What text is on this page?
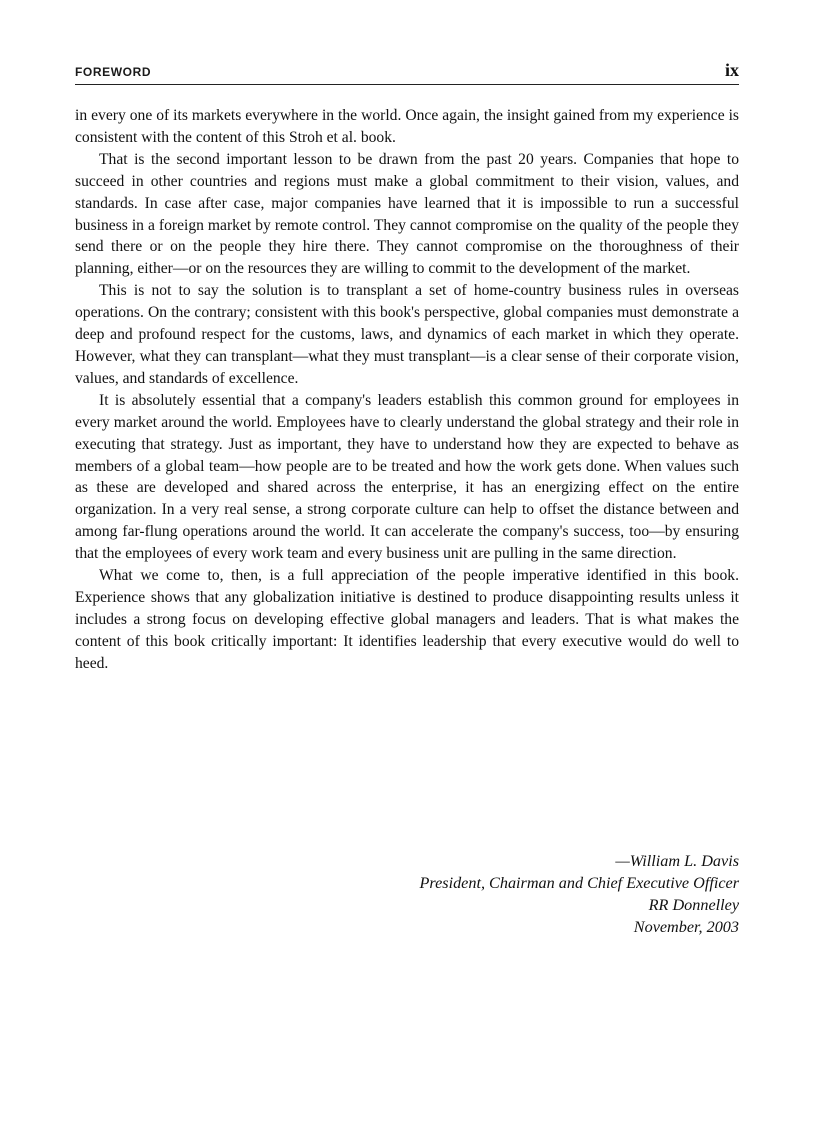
FOREWORD	ix

in every one of its markets everywhere in the world. Once again, the insight gained from my experience is consistent with the content of this Stroh et al. book.

That is the second important lesson to be drawn from the past 20 years. Companies that hope to succeed in other countries and regions must make a global commitment to their vision, values, and standards. In case after case, major companies have learned that it is impossible to run a successful business in a foreign market by remote control. They cannot compromise on the quality of the people they send there or on the people they hire there. They cannot compromise on the thoroughness of their planning, either—or on the resources they are willing to commit to the development of the market.

This is not to say the solution is to transplant a set of home-country business rules in overseas operations. On the contrary; consistent with this book's perspective, global companies must demonstrate a deep and profound respect for the customs, laws, and dynamics of each market in which they operate. However, what they can transplant—what they must transplant—is a clear sense of their corporate vision, values, and standards of excellence.

It is absolutely essential that a company's leaders establish this common ground for employees in every market around the world. Employees have to clearly understand the global strategy and their role in executing that strategy. Just as important, they have to understand how they are expected to behave as members of a global team—how people are to be treated and how the work gets done. When values such as these are developed and shared across the enterprise, it has an energizing effect on the entire organization. In a very real sense, a strong corporate culture can help to offset the distance between and among far-flung operations around the world. It can accelerate the company's success, too—by ensuring that the employees of every work team and every business unit are pulling in the same direction.

What we come to, then, is a full appreciation of the people imperative identified in this book. Experience shows that any globalization initiative is destined to produce disappointing results unless it includes a strong focus on developing effective global managers and leaders. That is what makes the content of this book critically important: It identifies leadership that every executive would do well to heed.

—William L. Davis
President, Chairman and Chief Executive Officer
RR Donnelley
November, 2003
